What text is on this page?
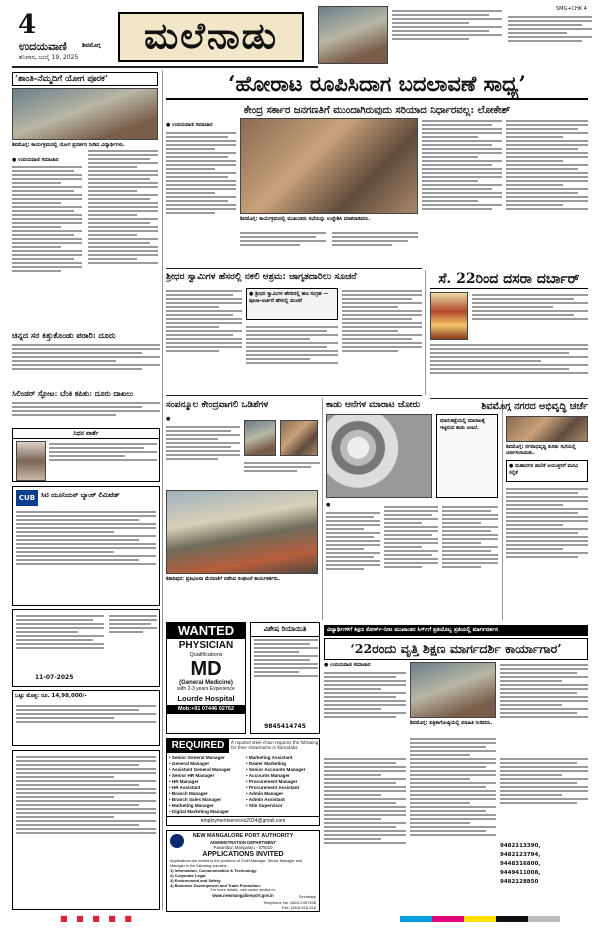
4
ಉದಯವಾಣಿ	ಶಿವಮೊಗ್ಗ
ಶನಿವಾರ, ಜುಲೈ 19, 2025
ಮಲೆನಾಡು
SMG+CHK 4
‘ಶಾಂತಿ-ನೆಮ್ಮದಿಗೆ ಯೋಗ ಪೂರಕ’
ಶಿವಮೊಗ್ಗ: ಕಾರ್ಯಕ್ರಮದಲ್ಲಿ ಯೋಗ ಪ್ರದರ್ಶನ ನೀಡಿದ ವಿದ್ಯಾರ್ಥಿಗಳು.
● ಉದಯವಾಣಿ ಸಮಾಚಾರ
ಚಿನ್ನದ ಸರ ಕಿತ್ತುಕೊಂಡು ಪರಾರಿ: ದೂರು
ಸಿಲಿಂಡರ್ ಸ್ಫೋಟ: ಬೆಂಕಿ ಕಪಿತು: ದೂರು ದಾಖಲು
ನಿಧನ ವಾರ್ತೆ
CUB ಸಿಟಿ ಯೂನಿಯನ್ ಬ್ಯಾಂಕ್ ಲಿಮಿಟೆಡ್
11-07-2025
ಒಟ್ಟು ಮೊತ್ತ: ರೂ. 14,98,000/-
‘ಹೋರಾಟ ರೂಪಿಸಿದಾಗ ಬದಲಾವಣೆ ಸಾಧ್ಯ’
ಕೇಂದ್ರ ಸರ್ಕಾರ ಜನಗಣತಿಗೆ ಮುಂದಾಗಿರುವುದು ಸರಿಯಾದ ನಿರ್ಧಾರವಲ್ಲ: ಲೋಕೇಶ್
● ಉದಯವಾಣಿ ಸಮಾಚಾರ
ಶಿವಮೊಗ್ಗ: ಕಾರ್ಯಕ್ರಮದಲ್ಲಿ ಮುಖಂಡರು ಸಭೆಯನ್ನು ಉದ್ದೇಶಿಸಿ ಮಾತನಾಡಿದರು.
ಶ್ರೀಧರ ಸ್ವಾಮಿಗಳ ಹೆಸರಲ್ಲಿ ನಕಲಿ ಆಶ್ರಮ: ಜಾಗೃತದಾರಿಲು ಸೂಚನೆ
● ಶ್ರೀಧರ ಸ್ವಾಮಿಗಳ ಹೆಸರಿನಲ್ಲಿ ಹಣ ಸಂಗ್ರಹ — ಪೂಜಾ-ಅರ್ಚನೆ ಹೆಸರಲ್ಲಿ ವಂಚನೆ
ಸೆ. 22ರಿಂದ ದಸರಾ ದರ್ಬಾರ್
ಸಂಪನ್ಮೂಲ ಕೇಂದ್ರವಾಗಲಿ ಒಡಿಶೆಗಳ
●
ಶಿಕಾರಿಪುರ: ಪ್ರತಿಭಟನಾ ಮೆರವಣಿಗೆ ನಡೆಸಿದ ಸಂಘಟನೆ ಕಾರ್ಯಕರ್ತರು.
ಕಾಡು ಆನೆಗಳ ಮಾರಾಟ ಜೋರು
ಮಾರುಕಟ್ಟೆಯಲ್ಲಿ ಮಾರಾಟಕ್ಕೆ ಇಟ್ಟಿರುವ ಕಾಡು ಅಣಬೆ.
●
ಶಿವಮೊಗ್ಗ ನಗರದ ಅಭಿವೃದ್ಧಿ ಚರ್ಚೆ
ಶಿವಮೊಗ್ಗ: ನಗರಾಭಿವೃದ್ಧಿ ಕುರಿತು ಸಭೆಯಲ್ಲಿ ಚರ್ಚಿಸಲಾಯಿತು.
● ಮಹಾನಗರ ಪಾಲಿಕೆ ಆಯುಕ್ತರಿಗೆ ಮನವಿ ಸಲ್ಲಿಕೆ
WANTED
PHYSICIAN
Qualifications
MD
(General Medicine)
with 2-3 years Experience
Lourde Hospital
Mob:+91 07446 02762
ವಿಶೇಷ ರಿಯಾಯಿತಿ
9845414745
REQUIRED	A reputed steel chain requires the following for their showrooms in Karnataka
• Senior General Manager
• General Manager
• Assistant General Manager
• Senior HR Manager
• HR Manager
• HR Assistant
• Branch Manager
• Branch Sales Manager
• Marketing Manager
• Digital Marketing Manager
• Marketing Assistant
• Dealer Marketing
• Senior Accounts Manager
• Accounts Manager
• Procurement Manager
• Procurement Assistant
• Admin Manager
• Admin Assistant
• Site Supervisor
employmentservices2024@gmail.com
NEW MANGALORE PORT AUTHORITY
ADMINISTRATION DEPARTMENT
Panambur, Mangaluru - 575010
APPLICATIONS INVITED
Applications are invited to the positions of Chief Manager, Senior Manager and Manager in the following domains:
1) Information, Communication & Technology.
2) Corporate Legal.
3) Environment and Safety.
4) Business Development and Trade Promotion.
For more details, visit career section in
www.newmangaloreport.gov.in	Secretary
Telephone No. 0824-2407438
Fax: (284) 916-516
ವಿದ್ಯಾರ್ಥಿಗಳಿಗೆ ಶಿಕ್ಷಣ ಕೋರ್ಸ್–ನೀಟ ಮುಖಾಂತರ ಸಿರ್ಗ್‌ಗೆ ಪ್ರತಿಯೊಬ್ಬ ಪ್ರತಿಯಲ್ಲಿ ಮಾರ್ಗದರ್ಶನ
‘22ರಂದು ವೃತ್ತಿ ಶಿಕ್ಷಣ ಮಾರ್ಗದರ್ಶಿ ಕಾರ್ಯಾಗಾರ’
● ಉದಯವಾಣಿ ಸಮಾಚಾರ
ಶಿವಮೊಗ್ಗ: ಪತ್ರಿಕಾಗೋಷ್ಠಿಯಲ್ಲಿ ಮಾಹಿತಿ ನೀಡಿದರು.
9482113390,
9482123794,
9448316800,
9449411008,
9482128850
■ ■ ■ ■ ■
